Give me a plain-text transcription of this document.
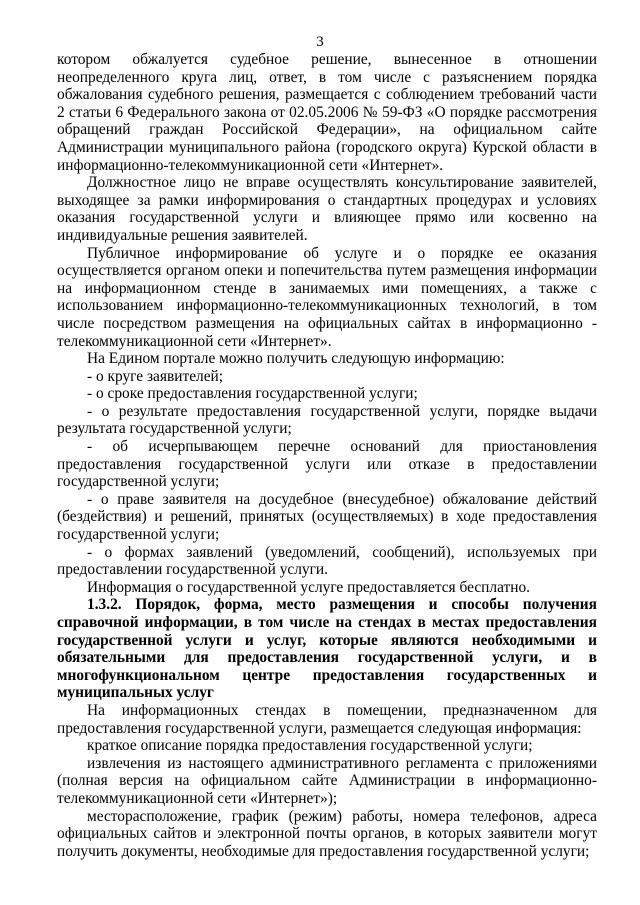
3

котором обжалуется судебное решение, вынесенное в отношении неопределенного круга лиц, ответ, в том числе с разъяснением порядка обжалования судебного решения, размещается с соблюдением требований части 2 статьи 6 Федерального закона от 02.05.2006 № 59-ФЗ «О порядке рассмотрения обращений граждан Российской Федерации», на официальном сайте Администрации муниципального района (городского округа) Курской области в информационно-телекоммуникационной сети «Интернет».

Должностное лицо не вправе осуществлять консультирование заявителей, выходящее за рамки информирования о стандартных процедурах и условиях оказания государственной услуги и влияющее прямо или косвенно на индивидуальные решения заявителей.

Публичное информирование об услуге и о порядке ее оказания осуществляется органом опеки и попечительства путем размещения информации на информационном стенде в занимаемых ими помещениях, а также с использованием информационно-телекоммуникационных технологий, в том числе посредством размещения на официальных сайтах в информационно - телекоммуникационной сети «Интернет».

На Едином портале можно получить следующую информацию:

- о круге заявителей;

- о сроке предоставления государственной услуги;

- о результате предоставления государственной услуги, порядке выдачи результата государственной услуги;

- об исчерпывающем перечне оснований для приостановления предоставления государственной услуги или отказе в предоставлении государственной услуги;

- о праве заявителя на досудебное (внесудебное) обжалование действий (бездействия) и решений, принятых (осуществляемых) в ходе предоставления государственной услуги;

- о формах заявлений (уведомлений, сообщений), используемых при предоставлении государственной услуги.

Информация о государственной услуге предоставляется бесплатно.

1.3.2. Порядок, форма, место размещения и способы получения справочной информации, в том числе на стендах в местах предоставления государственной услуги и услуг, которые являются необходимыми и обязательными для предоставления государственной услуги, и в многофункциональном центре предоставления государственных и муниципальных услуг

На информационных стендах в помещении, предназначенном для предоставления государственной услуги, размещается следующая информация:

краткое описание порядка предоставления государственной услуги;

извлечения из настоящего административного регламента с приложениями (полная версия на официальном сайте Администрации в информационно-телекоммуникационной сети «Интернет»);

месторасположение, график (режим) работы, номера телефонов, адреса официальных сайтов и электронной почты органов, в которых заявители могут получить документы, необходимые для предоставления государственной услуги;
